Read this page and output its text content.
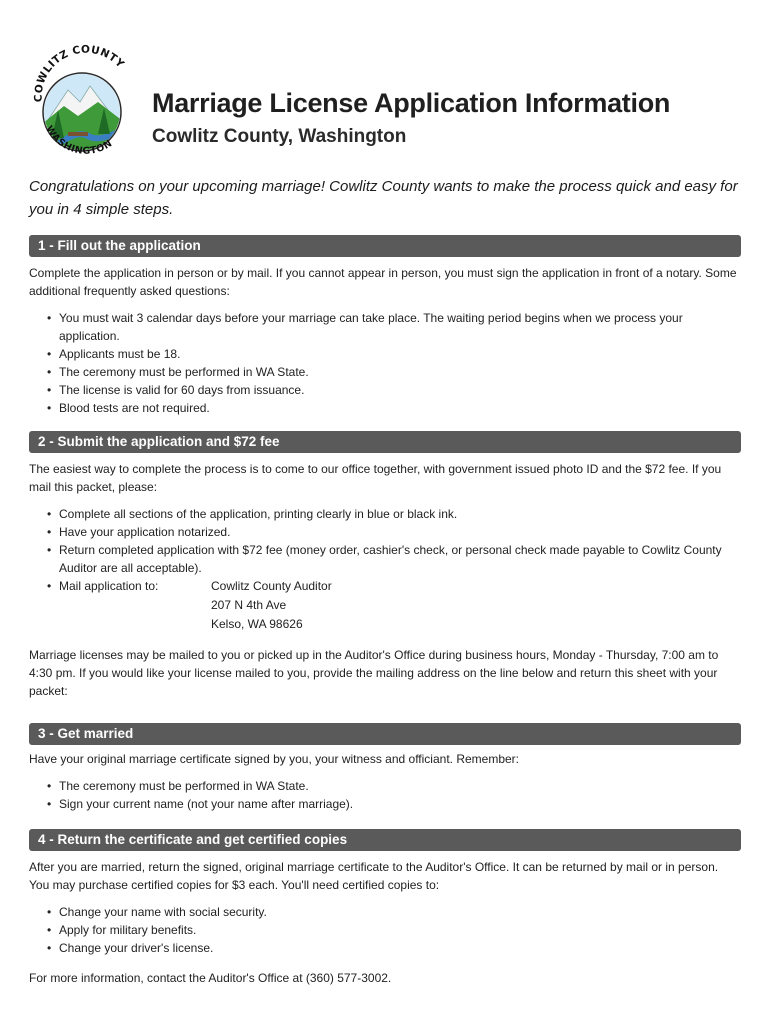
COWLITZ COUNTY
WASHINGTON
Marriage License Application Information
Cowlitz County, Washington
Congratulations on your upcoming marriage! Cowlitz County wants to make the process quick and easy for you in 4 simple steps.
1 - Fill out the application

Complete the application in person or by mail. If you cannot appear in person, you must sign the application in front of a notary. Some additional frequently asked questions:

• You must wait 3 calendar days before your marriage can take place. The waiting period begins when we process your application.
• Applicants must be 18.
• The ceremony must be performed in WA State.
• The license is valid for 60 days from issuance.
• Blood tests are not required.
2 - Submit the application and $72 fee

The easiest way to complete the process is to come to our office together, with government issued photo ID and the $72 fee. If you mail this packet, please:

• Complete all sections of the application, printing clearly in blue or black ink.
• Have your application notarized.
• Return completed application with $72 fee (money order, cashier's check, or personal check made payable to Cowlitz County Auditor are all acceptable).
• Mail application to:	Cowlitz County Auditor
207 N 4th Ave
Kelso, WA 98626

Marriage licenses may be mailed to you or picked up in the Auditor's Office during business hours, Monday - Thursday, 7:00 am to 4:30 pm. If you would like your license mailed to you, provide the mailing address on the line below and return this sheet with your packet:

3 - Get married

Have your original marriage certificate signed by you, your witness and officiant. Remember:

• The ceremony must be performed in WA State.
• Sign your current name (not your name after marriage).
4 - Return the certificate and get certified copies

After you are married, return the signed, original marriage certificate to the Auditor's Office. It can be returned by mail or in person. You may purchase certified copies for $3 each. You'll need certified copies to:

• Change your name with social security.
• Apply for military benefits.
• Change your driver's license.

For more information, contact the Auditor's Office at (360) 577-3002.
